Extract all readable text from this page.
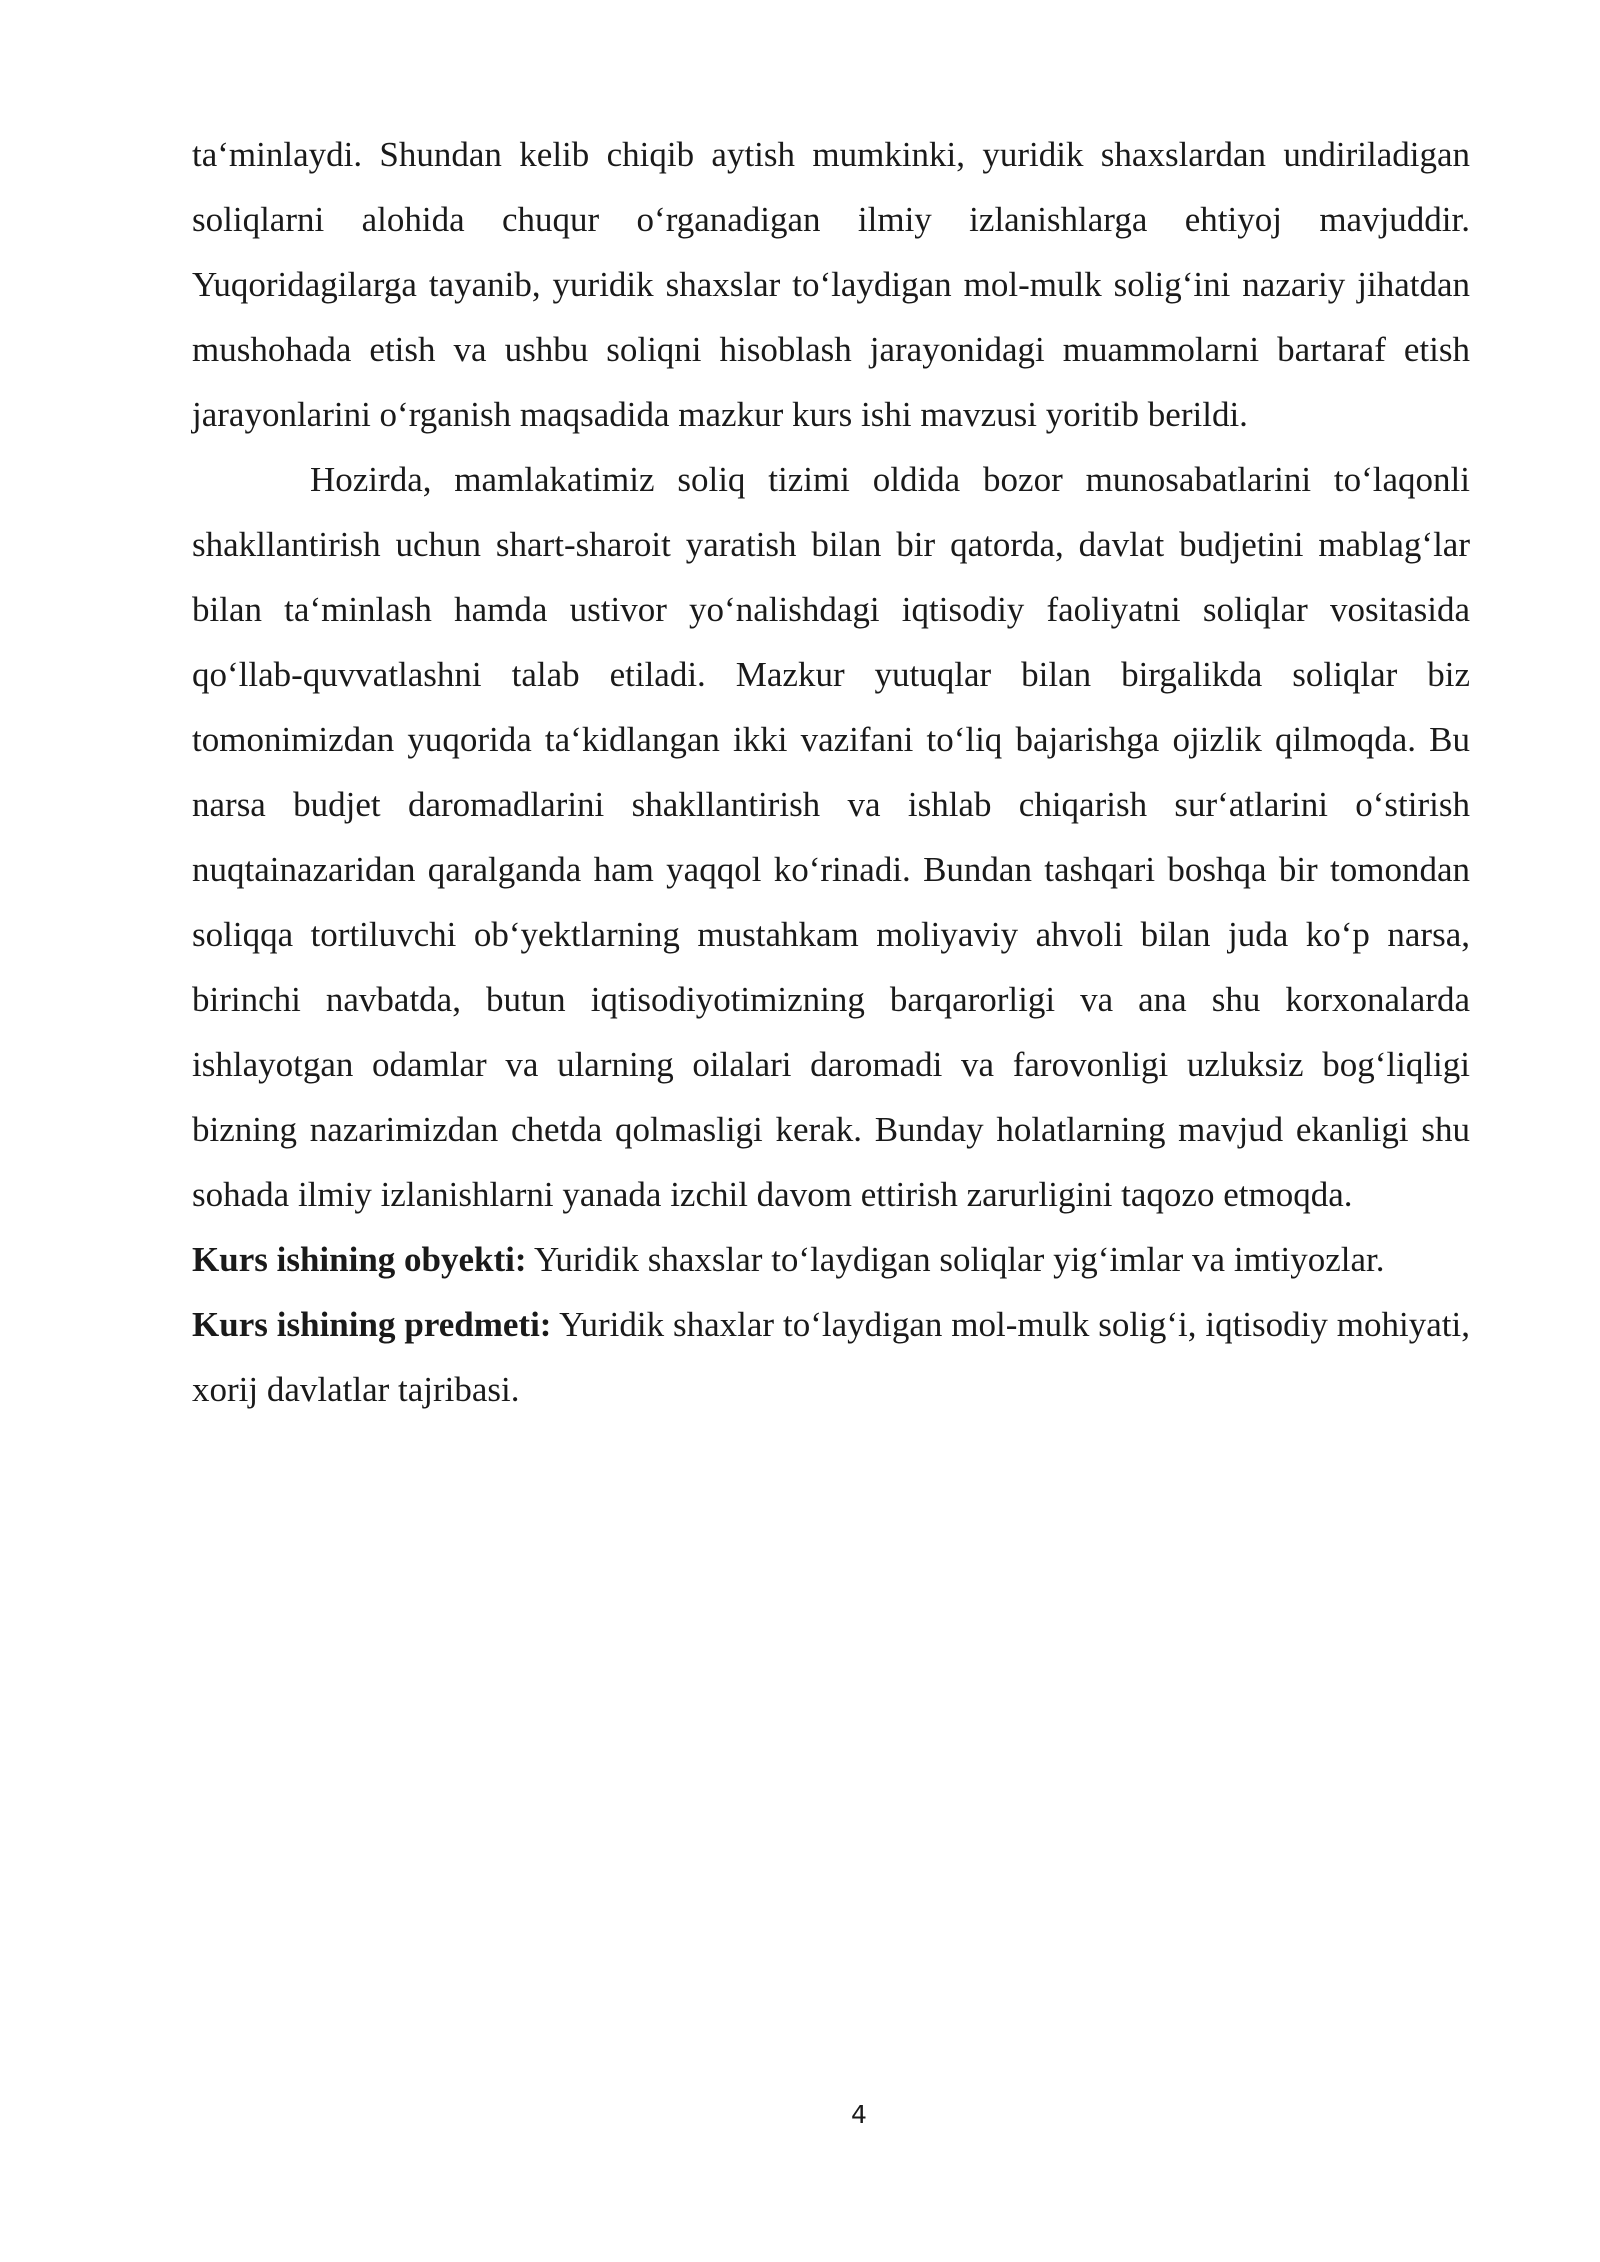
ta‘minlaydi. Shundan kelib chiqib aytish mumkinki, yuridik shaxslardan undiriladigan soliqlarni alohida chuqur o‘rganadigan ilmiy izlanishlarga ehtiyoj mavjuddir. Yuqoridagilarga tayanib, yuridik shaxslar to‘laydigan mol-mulk solig‘ini nazariy jihatdan mushohada etish va ushbu soliqni hisoblash jarayonidagi muammolarni bartaraf etish jarayonlarini o‘rganish maqsadida mazkur kurs ishi mavzusi yoritib berildi.

Hozirda, mamlakatimiz soliq tizimi oldida bozor munosabatlarini to‘laqonli shakllantirish uchun shart-sharoit yaratish bilan bir qatorda, davlat budjetini mablag‘lar bilan ta‘minlash hamda ustivor yo‘nalishdagi iqtisodiy faoliyatni soliqlar vositasida qo‘llab-quvvatlashni talab etiladi. Mazkur yutuqlar bilan birgalikda soliqlar biz tomonimizdan yuqorida ta‘kidlangan ikki vazifani to‘liq bajarishga ojizlik qilmoqda. Bu narsa budjet daromadlarini shakllantirish va ishlab chiqarish sur‘atlarini o‘stirish nuqtainazaridan qaralganda ham yaqqol ko‘rinadi. Bundan tashqari boshqa bir tomondan soliqqa tortiluvchi ob‘yektlarning mustahkam moliyaviy ahvoli bilan juda ko‘p narsa, birinchi navbatda, butun iqtisodiyotimizning barqarorligi va ana shu korxonalarda ishlayotgan odamlar va ularning oilalari daromadi va farovonligi uzluksiz bog‘liqligi bizning nazarimizdan chetda qolmasligi kerak. Bunday holatlarning mavjud ekanligi shu sohada ilmiy izlanishlarni yanada izchil davom ettirish zarurligini taqozo etmoqda.

Kurs ishining obyekti: Yuridik shaxslar to‘laydigan soliqlar yig‘imlar va imtiyozlar.

Kurs ishining predmeti: Yuridik shaxlar to‘laydigan mol-mulk solig‘i, iqtisodiy mohiyati, xorij davlatlar tajribasi.

4
